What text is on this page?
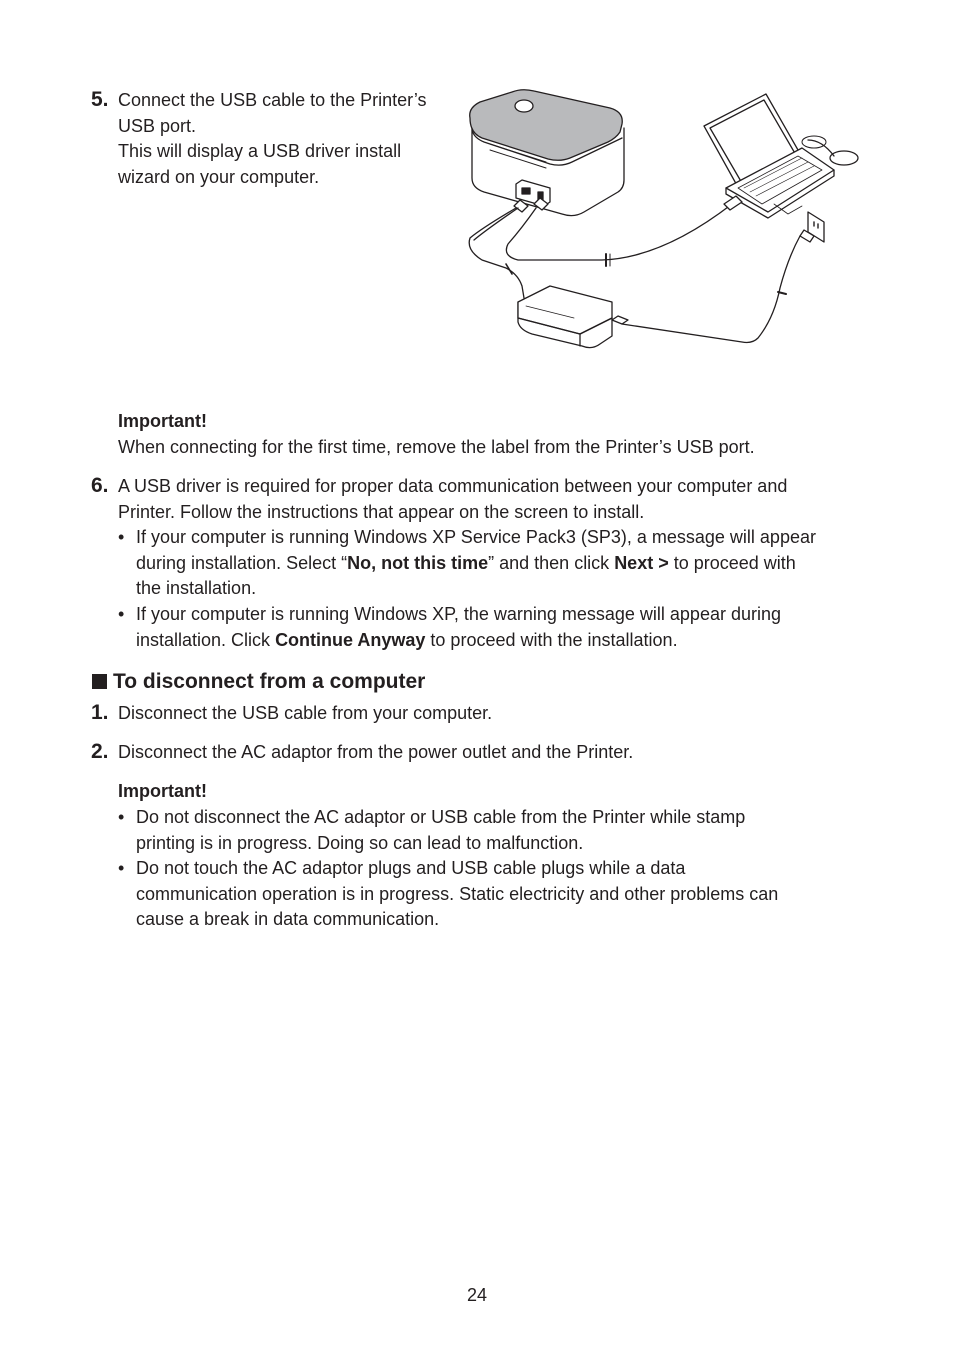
5. Connect the USB cable to the Printer’s
USB port.
This will display a USB driver install
wizard on your computer.
Important!
When connecting for the first time, remove the label from the Printer’s USB port.
6. A USB driver is required for proper data communication between your computer and
Printer. Follow the instructions that appear on the screen to install.
• If your computer is running Windows XP Service Pack3 (SP3), a message will appear
during installation. Select “No, not this time” and then click Next > to proceed with
the installation.
• If your computer is running Windows XP, the warning message will appear during
installation. Click Continue Anyway to proceed with the installation.
To disconnect from a computer
1. Disconnect the USB cable from your computer.
2. Disconnect the AC adaptor from the power outlet and the Printer.
Important!
• Do not disconnect the AC adaptor or USB cable from the Printer while stamp
printing is in progress. Doing so can lead to malfunction.
• Do not touch the AC adaptor plugs and USB cable plugs while a data
communication operation is in progress. Static electricity and other problems can
cause a break in data communication.
24
